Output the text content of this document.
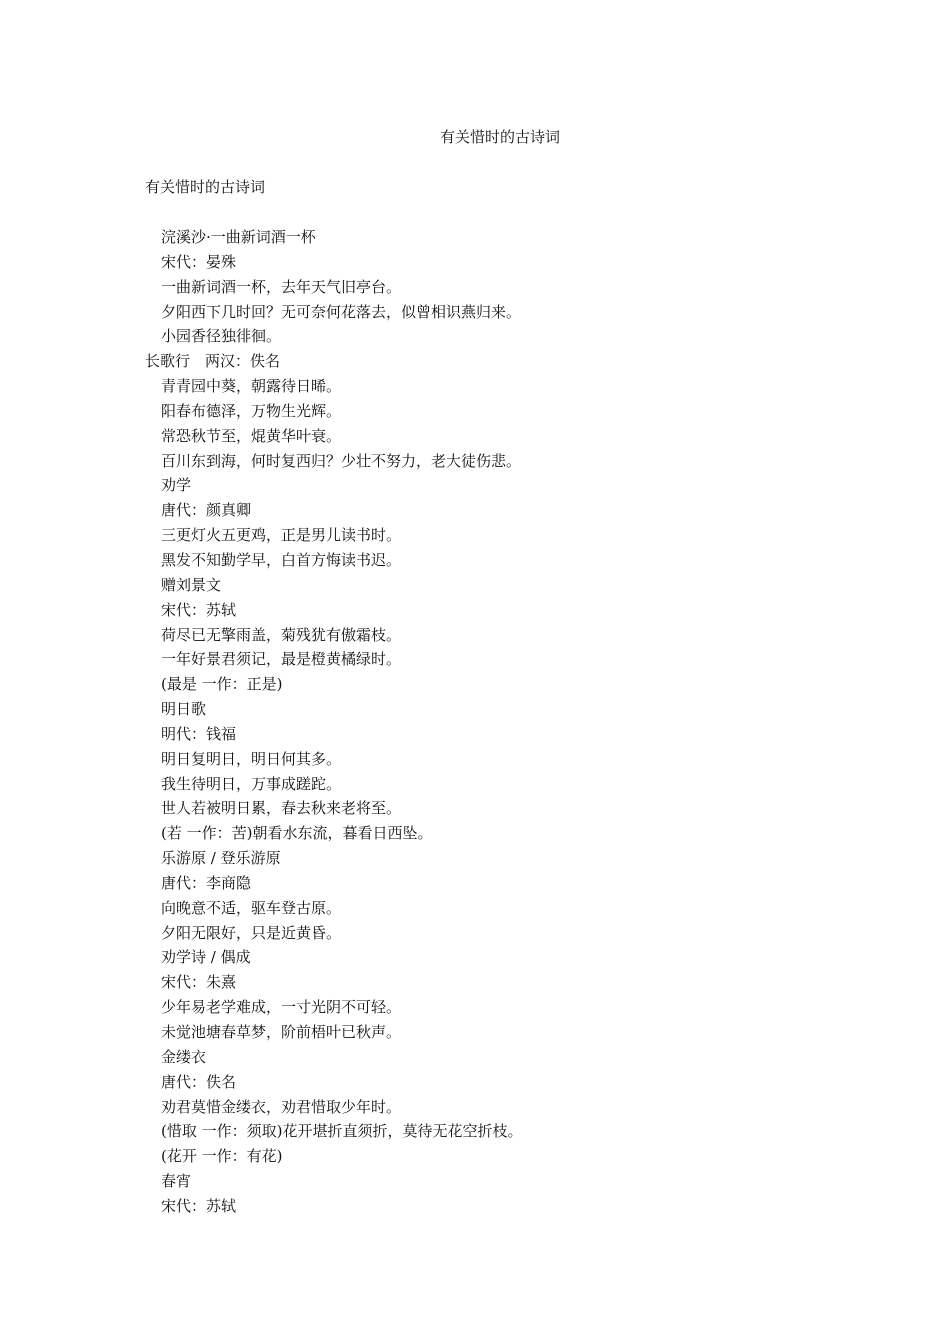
有关惜时的古诗词
有关惜时的古诗词
浣溪沙·一曲新词酒一杯
宋代：晏殊
一曲新词酒一杯，去年天气旧亭台。
夕阳西下几时回？无可奈何花落去，似曾相识燕归来。
小园香径独徘徊。
长歌行　两汉：佚名
青青园中葵，朝露待日晞。
阳春布德泽，万物生光辉。
常恐秋节至，焜黄华叶衰。
百川东到海，何时复西归？少壮不努力，老大徒伤悲。
劝学
唐代：颜真卿
三更灯火五更鸡，正是男儿读书时。
黑发不知勤学早，白首方悔读书迟。
赠刘景文
宋代：苏轼
荷尽已无擎雨盖，菊残犹有傲霜枝。
一年好景君须记，最是橙黄橘绿时。
(最是 一作：正是)
明日歌
明代：钱福
明日复明日，明日何其多。
我生待明日，万事成蹉跎。
世人若被明日累，春去秋来老将至。
(若 一作：苦)朝看水东流，暮看日西坠。
乐游原 / 登乐游原
唐代：李商隐
向晚意不适，驱车登古原。
夕阳无限好，只是近黄昏。
劝学诗 / 偶成
宋代：朱熹
少年易老学难成，一寸光阴不可轻。
未觉池塘春草梦，阶前梧叶已秋声。
金缕衣
唐代：佚名
劝君莫惜金缕衣，劝君惜取少年时。
(惜取 一作：须取)花开堪折直须折，莫待无花空折枝。
(花开 一作：有花)
春宵
宋代：苏轼
